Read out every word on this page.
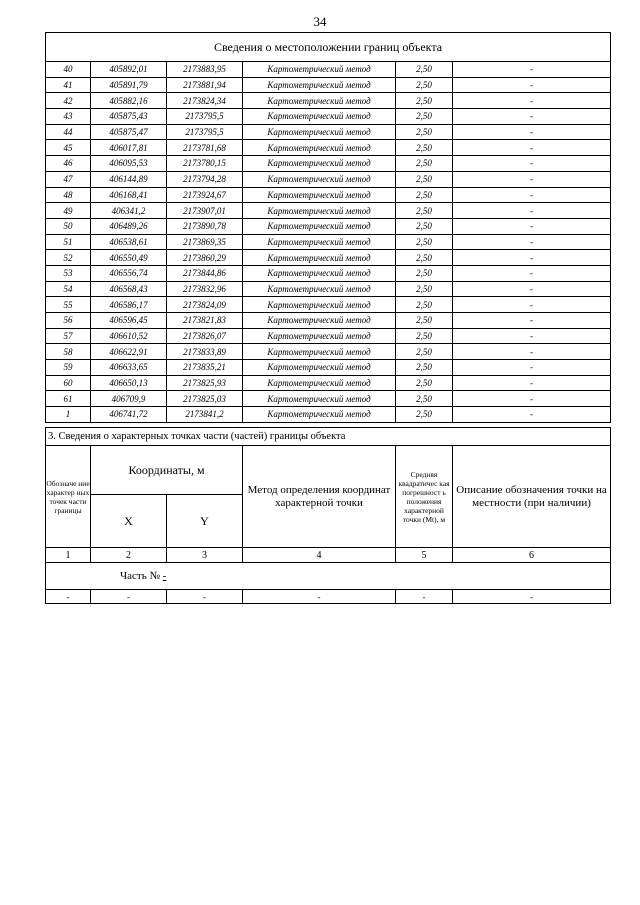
34
Сведения о местоположении границ объекта					
40	405892,01	2173883,95	Картометрический метод	2,50	-
41	405891,79	2173881,94	Картометрический метод	2,50	-
42	405882,16	2173824,34	Картометрический метод	2,50	-
43	405875,43	2173795,5	Картометрический метод	2,50	-
44	405875,47	2173795,5	Картометрический метод	2,50	-
45	406017,81	2173781,68	Картометрический метод	2,50	-
46	406095,53	2173780,15	Картометрический метод	2,50	-
47	406144,89	2173794,28	Картометрический метод	2,50	-
48	406168,41	2173924,67	Картометрический метод	2,50	-
49	406341,2	2173907,01	Картометрический метод	2,50	-
50	406489,26	2173890,78	Картометрический метод	2,50	-
51	406538,61	2173869,35	Картометрический метод	2,50	-
52	406550,49	2173860,29	Картометрический метод	2,50	-
53	406556,74	2173844,86	Картометрический метод	2,50	-
54	406568,43	2173832,96	Картометрический метод	2,50	-
55	406586,17	2173824,09	Картометрический метод	2,50	-
56	406596,45	2173821,83	Картометрический метод	2,50	-
57	406610,52	2173826,07	Картометрический метод	2,50	-
58	406622,91	2173833,89	Картометрический метод	2,50	-
59	406633,65	2173835,21	Картометрический метод	2,50	-
60	406650,13	2173825,93	Картометрический метод	2,50	-
61	406709,9	2173825,03	Картометрический метод	2,50	-
1	406741,72	2173841,2	Картометрический метод	2,50	-
3. Сведения о характерных точках части (частей) границы объекта					
Обозначе ние характер ных точек части границы	Координаты, м		Метод определения координат характерной точки	Средняя квадратичес кая погрешност ь положения характерной точки (Mt), м	Описание обозначения точки на местности (при наличии)
	X	Y			
1	2	3	4	5	6
Часть № -					
-	-	-	-	-	-
